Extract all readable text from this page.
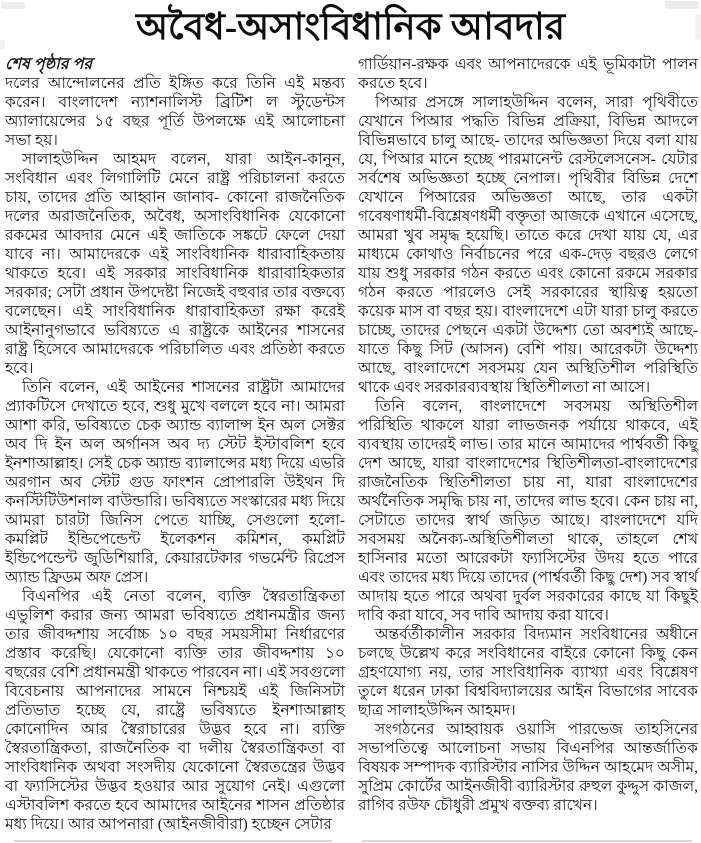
অবৈধ-অসাংবিধানিক আবদার

শেষ পৃষ্ঠার পর

দলের আন্দোলনের প্রতি ইঙ্গিত করে তিনি এই মন্তব্য করেন। বাংলাদেশ ন্যাশনালিস্ট ব্রিটিশ ল স্টুডেন্টস অ্যালায়েন্সের ১৫ বছর পূর্তি উপলক্ষে এই আলোচনা সভা হয়।

সালাহউদ্দিন আহমদ বলেন, যারা আইন-কানুন, সংবিধান এবং লিগালিটি মেনে রাষ্ট্র পরিচালনা করতে চায়, তাদের প্রতি আহ্বান জানাব- কোনো রাজনৈতিক দলের অরাজনৈতিক, অবৈধ, অসাংবিধানিক যেকোনো রকমের আবদার মেনে এই জাতিকে সঙ্কটে ফেলে দেয়া যাবে না। আমাদেরকে এই সাংবিধানিক ধারাবাহিকতায় থাকতে হবে। এই সরকার সাংবিধানিক ধারাবাহিকতার সরকার; সেটা প্রধান উপদেষ্টা নিজেই বহুবার তার বক্তব্যে বলেছেন। এই সাংবিধানিক ধারাবাহিকতা রক্ষা করেই আইনানুগভাবে ভবিষ্যতে এ রাষ্ট্রকে আইনের শাসনের রাষ্ট্র হিসেবে আমাদেরকে পরিচালিত এবং প্রতিষ্ঠা করতে হবে।

তিনি বলেন, এই আইনের শাসনের রাষ্ট্রটা আমাদের প্র্যাকটিসে দেখাতে হবে, শুধু মুখে বললে হবে না। আমরা আশা করি, ভবিষ্যতে চেক অ্যান্ড ব্যালান্স ইন অল সেক্টর অব দি ইন অল অর্গানস অব দ্য স্টেট ইস্টাবলিশ হবে ইনশাআল্লাহ। সেই চেক অ্যান্ড ব্যালান্সের মধ্য দিয়ে এভরি অরগান অব স্টেট গুড ফাংশন প্রোপারলি উইথন দি কনস্টিটিউশনাল বাউন্ডারি। ভবিষ্যতে সংস্কারের মধ্য দিয়ে আমরা চারটা জিনিস পেতে যাচ্ছি, সেগুলো হলো- কমপ্লিট ইন্ডিপেন্ডেন্ট ইলেকশন কমিশন, কমপ্লিট ইন্ডিপেন্ডেন্ট জুডিশিয়ারি, কেয়ারটেকার গভর্মেন্ট রিপ্রেস অ্যান্ড ফ্রিডম অফ প্রেস।

বিএনপির এই নেতা বলেন, ব্যক্তি স্বৈরতান্ত্রিকতা এভুলিশ করার জন্য আমরা ভবিষ্যতে প্রধানমন্ত্রীর জন্য তার জীবদ্দশায় সর্বোচ্চ ১০ বছর সময়সীমা নির্ধারণের প্রস্তাব করেছি। যেকোনো ব্যক্তি তার জীবদ্দশায় ১০ বছরের বেশি প্রধানমন্ত্রী থাকতে পারবেন না। এই সবগুলো বিবেচনায় আপনাদের সামনে নিশ্চয়ই এই জিনিসটা প্রতিভাত হচ্ছে যে, রাষ্ট্রে ভবিষ্যতে ইনশাআল্লাহ কোনোদিন আর স্বৈরাচারের উদ্ভব হবে না। ব্যক্তি স্বৈরতান্ত্রিকতা, রাজনৈতিক বা দলীয় স্বৈরতান্ত্রিকতা বা সাংবিধানিক অথবা সংসদীয় যেকোনো স্বৈরতন্ত্রের উদ্ভব বা ফ্যাসিস্টের উদ্ভব হওয়ার আর সুযোগ নেই। এগুলো এস্টাবলিশ করতে হবে আমাদের আইনের শাসন প্রতিষ্ঠার মধ্য দিয়ে। আর আপনারা (আইনজীবীরা) হচ্ছেন সেটার

গার্ডিয়ান-রক্ষক এবং আপনাদেরকে এই ভূমিকাটা পালন করতে হবে।

পিআর প্রসঙ্গে সালাহউদ্দিন বলেন, সারা পৃথিবীতে যেখানে পিআর পদ্ধতি বিভিন্ন প্রক্রিয়া, বিভিন্ন আদলে বিভিন্নভাবে চালু আছে- তাদের অভিজ্ঞতা দিয়ে বলা যায় যে, পিআর মানে হচ্ছে পারমানেন্ট রেস্টলেসনেস- যেটার সর্বশেষ অভিজ্ঞতা হচ্ছে নেপাল। পৃথিবীর বিভিন্ন দেশে যেখানে পিআরের অভিজ্ঞতা আছে, তার একটা গবেষণাধর্মী-বিশ্লেষণধর্মী বক্তৃতা আজকে এখানে এসেছে, আমরা খুব সমৃদ্ধ হয়েছি। তাতে করে দেখা যায় যে, এর মাধ্যমে কোথাও নির্বাচনের পরে এক-দেড় বছরও লেগে যায় শুধু সরকার গঠন করতে এবং কোনো রকমে সরকার গঠন করতে পারলেও সেই সরকারের স্থায়িত্ব হয়তো কয়েক মাস বা বছর হয়। বাংলাদেশে এটা যারা চালু করতে চাচ্ছে, তাদের পেছনে একটা উদ্দেশ্য তো অবশ্যই আছে- যাতে কিছু সিট (আসন) বেশি পায়। আরেকটা উদ্দেশ্য আছে, বাংলাদেশে সবসময় যেন অস্থিতিশীল পরিস্থিতি থাকে এবং সরকারব্যবস্থায় স্থিতিশীলতা না আসে।

তিনি বলেন, বাংলাদেশে সবসময় অস্থিতিশীল পরিস্থিতি থাকলে যারা লাভজনক পর্যায়ে থাকবে, এই ব্যবস্থায় তাদেরই লাভ। তার মানে আমাদের পার্শ্ববর্তী কিছু দেশ আছে, যারা বাংলাদেশের স্থিতিশীলতা-বাংলাদেশের রাজনৈতিক স্থিতিশীলতা চায় না, যারা বাংলাদেশের অর্থনৈতিক সমৃদ্ধি চায় না, তাদের লাভ হবে। কেন চায় না, সেটাতে তাদের স্বার্থ জড়িত আছে। বাংলাদেশে যদি সবসময় অনৈক্য-অস্থিতিশীলতা থাকে, তাহলে শেখ হাসিনার মতো আরেকটা ফ্যাসিস্টের উদয় হতে পারে এবং তাদের মধ্য দিয়ে তাদের (পার্শ্ববর্তী কিছু দেশ) সব স্বার্থ আদায় হতে পারে অথবা দুর্বল সরকারের কাছে যা কিছুই দাবি করা যাবে, সব দাবি আদায় করা যাবে।

অন্তর্বর্তীকালীন সরকার বিদ্যমান সংবিধানের অধীনে চলছে উল্লেখ করে সংবিধানের বাইরে কোনো কিছু কেন গ্রহণযোগ্য নয়, তার সাংবিধানিক ব্যাখ্যা এবং বিশ্লেষণ তুলে ধরেন ঢাকা বিশ্ববিদ্যালয়ের আইন বিভাগের সাবেক ছাত্র সালাহউদ্দিন আহমদ।

সংগঠনের আহ্বায়ক ওয়াসি পারভেজ তাহসিনের সভাপতিত্বে আলোচনা সভায় বিএনপির আন্তর্জাতিক বিষয়ক সম্পাদক ব্যারিস্টার নাসির উদ্দিন আহমেদ অসীম, সুপ্রিম কোর্টের আইনজীবী ব্যারিস্টার রুহুল কুদ্দুস কাজল, রাগিব রউফ চৌধুরী প্রমুখ বক্তব্য রাখেন।
